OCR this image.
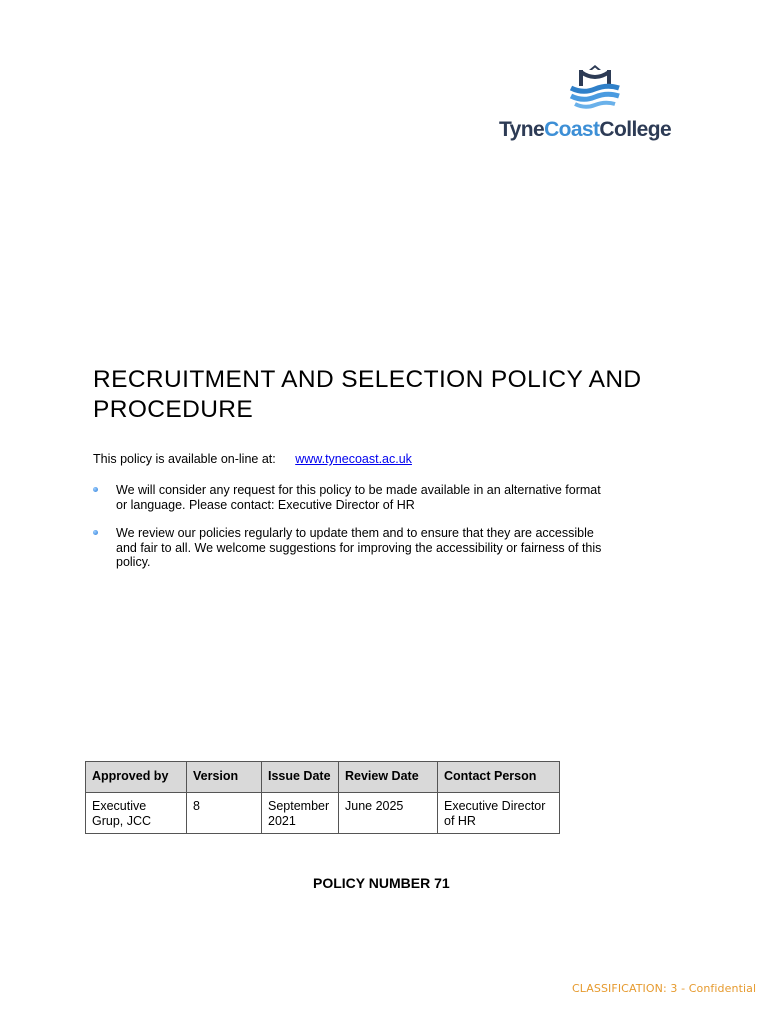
TyneCoastCollege
RECRUITMENT AND SELECTION POLICY AND PROCEDURE
This policy is available on-line at: www.tynecoast.ac.uk
We will consider any request for this policy to be made available in an alternative format or language. Please contact: Executive Director of HR
We review our policies regularly to update them and to ensure that they are accessible and fair to all. We welcome suggestions for improving the accessibility or fairness of this policy.
Approved by	Version	Issue Date	Review Date	Contact Person
Executive Grup, JCC	8	September 2021	June 2025	Executive Director of HR
POLICY NUMBER 71
CLASSIFICATION: 3 - Confidential
